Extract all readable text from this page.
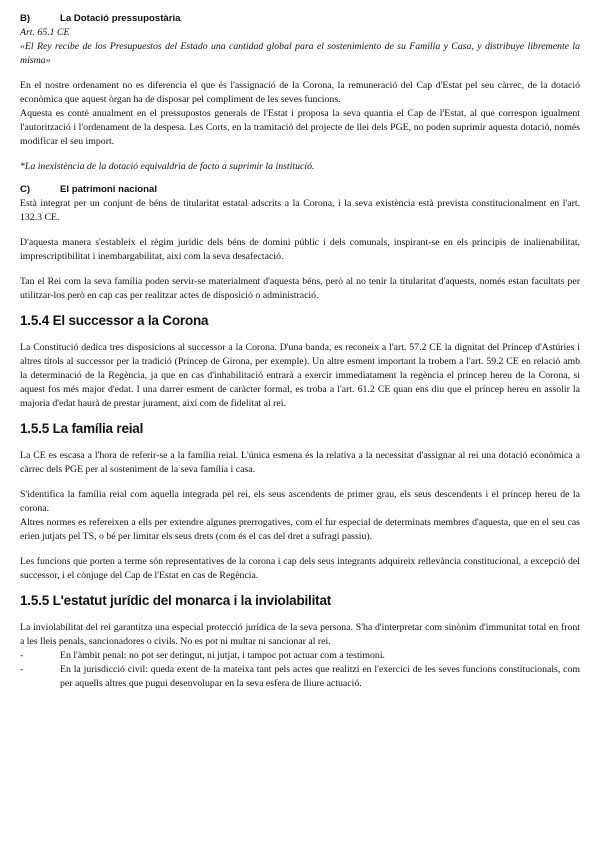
B)	La Dotació pressupostària

Art. 65.1 CE

«El Rey recibe de los Presupuestos del Estado una cantidad global para el sostenimiento de su Familia y Casa, y distribuye libremente la misma»

En el nostre ordenament no es diferencia el que és l'assignació de la Corona, la remuneració del Cap d'Estat pel seu càrrec, de la dotació econòmica que aquest òrgan ha de disposar pel compliment de les seves funcions.

Aquesta es contè anualment en el pressupostos generals de l'Estat i proposa la seva quantia el Cap de l'Estat, al que correspon igualment l'autorització i l'ordenament de la despesa. Les Corts, en la tramitació del projecte de llei dels PGE, no poden suprimir aquesta dotació, només modificar el seu import.

*La inexistència de la dotació equivaldria de facto a suprimir la institució.

C)	El patrimoni nacional

Està integrat per un conjunt de béns de titularitat estatal adscrits a la Corona, i la seva existència està prevista constitucionalment en l'art. 132.3 CE.

D'aquesta manera s'estableix el règim jurídic dels béns de domini públic i dels comunals, inspirant-se en els principis de inalienabilitat, imprescriptibilitat i inembargabilitat, així com la seva desafectació.

Tan el Rei com la seva família poden servir-se materialment d'aquesta béns, però al no tenir la titularitat d'aquests, només estan facultats per utilitzar-los però en cap cas per realitzar actes de disposició o administració.

1.5.4 El successor a la Corona

La Constitució dedica tres disposicions al successor a la Corona. D'una banda, es reconeix a l'art. 57.2 CE la dignitat del Príncep d'Astúries i altres títols al successor per la tradició (Príncep de Girona, per exemple). Un altre esment important la trobem a l'art. 59.2 CE en relació amb la determinació de la Regència, ja que en cas d'inhabilitació entrarà a exercir immediatament la regència el príncep hereu de la Corona, si aquest fos més major d'edat. I una darrer esment de caràcter formal, es troba a l'art. 61.2 CE quan ens diu que el príncep hereu en assolir la majoria d'edat haurà de prestar jurament, així com de fidelitat al rei.

1.5.5 La família reial

La CE es escasa a l'hora de referir-se a la família reial. L'única esmena és la relativa a la necessitat d'assignar al rei una dotació econòmica a càrrec dels PGE per al sosteniment de la seva família i casa.

S'identifica la família reial com aquella integrada pel rei, els seus ascendents de primer grau, els seus descendents i el príncep hereu de la corona.

Altres normes es refereixen a ells per extendre algunes prerrogatives, com el fur especial de determinats membres d'aquesta, que en el seu cas erien jutjats pel TS, o bé per limitar els seus drets (com és el cas del dret a sufragi passiu).

Les funcions que porten a terme són representatives de la corona i cap dels seus integrants adquireix rellevància constitucional, a excepció del successor, i el cònjuge del Cap de l'Estat en cas de Regència.

1.5.5 L'estatut jurídic del monarca i la inviolabilitat

La inviolabilitat del rei garantitza una especial protecció jurídica de la seva persona. S'ha d'interpretar com sinònim d'immunitat total en front a les lleis penals, sancionadores o civils. No es pot ni multar ni sancionar al rei.

-	En l'àmbit penal: no pot ser detingut, ni jutjat, i tampoc pot actuar com a testimoni.
-	En la jurisdicció civil: queda exent de la mateixa tant pels actes que realitzi en l'exercici de les seves funcions constitucionals, com per aquells altres que pugui desenvolupar en la seva esfera de lliure actuació.
